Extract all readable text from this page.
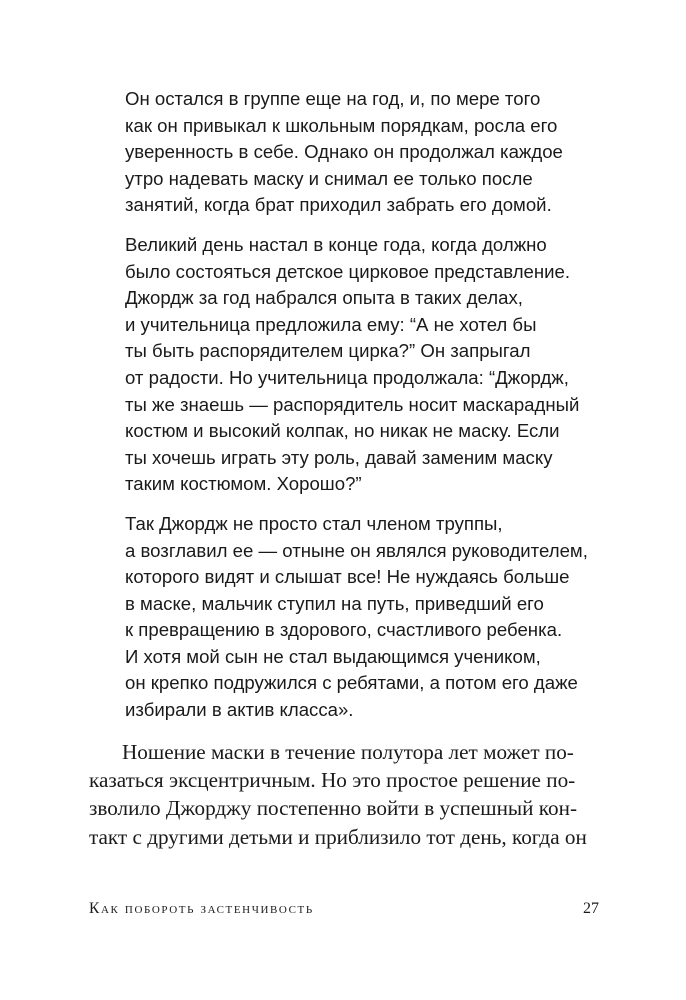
Он остался в группе еще на год, и, по мере того
как он привыкал к школьным порядкам, росла его
уверенность в себе. Однако он продолжал каждое
утро надевать маску и снимал ее только после
занятий, когда брат приходил забрать его домой.

Великий день настал в конце года, когда должно
было состояться детское цирковое представление.
Джордж за год набрался опыта в таких делах,
и учительница предложила ему: “А не хотел бы
ты быть распорядителем цирка?” Он запрыгал
от радости. Но учительница продолжала: “Джордж,
ты же знаешь — распорядитель носит маскарадный
костюм и высокий колпак, но никак не маску. Если
ты хочешь играть эту роль, давай заменим маску
таким костюмом. Хорошо?”

Так Джордж не просто стал членом труппы,
а возглавил ее — отныне он являлся руководителем,
которого видят и слышат все! Не нуждаясь больше
в маске, мальчик ступил на путь, приведший его
к превращению в здорового, счастливого ребенка.
И хотя мой сын не стал выдающимся учеником,
он крепко подружился с ребятами, а потом его даже
избирали в актив класса».

Ношение маски в течение полутора лет может по-
казаться эксцентричным. Но это простое решение по-
зволило Джорджу постепенно войти в успешный кон-
такт с другими детьми и приблизило тот день, когда он
Как побороть застенчивость	27
